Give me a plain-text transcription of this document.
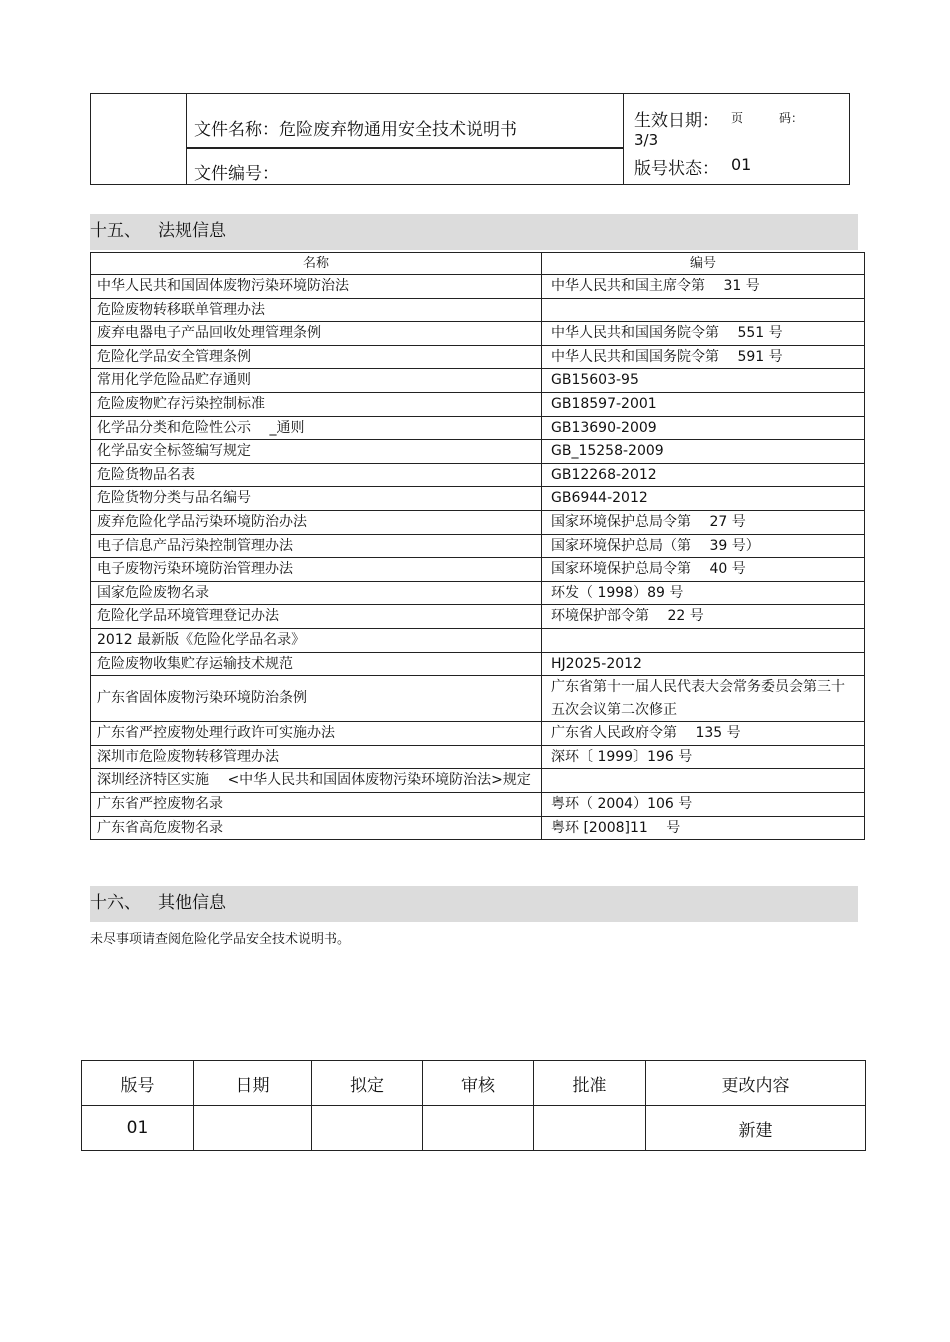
文件名称：危险废弃物通用安全技术说明书
文件编号：
生效日期： 页	码：
3/3
版号状态： 01
十五、 法规信息
名称	编号
中华人民共和国固体废物污染环境防治法	中华人民共和国主席令第 　31 号
危险废物转移联单管理办法	
废弃电器电子产品回收处理管理条例	中华人民共和国国务院令第 　551 号
危险化学品安全管理条例	中华人民共和国国务院令第 　591 号
常用化学危险品贮存通则	GB15603-95
危险废物贮存污染控制标准	GB18597-2001
化学品分类和危险性公示 　_通则	GB13690-2009
化学品安全标签编写规定	GB_15258-2009
危险货物品名表	GB12268-2012
危险货物分类与品名编号	GB6944-2012
废弃危险化学品污染环境防治办法	国家环境保护总局令第 　27 号
电子信息产品污染控制管理办法	国家环境保护总局（第 　39 号）
电子废物污染环境防治管理办法	国家环境保护总局令第 　40 号
国家危险废物名录	环发（ 1998）89 号
危险化学品环境管理登记办法	环境保护部令第 　22 号
2012 最新版《危险化学品名录》	
危险废物收集贮存运输技术规范	HJ2025-2012
广东省固体废物污染环境防治条例	广东省第十一届人民代表大会常务委员会第三十五次会议第二次修正
广东省严控废物处理行政许可实施办法	广东省人民政府令第 　135 号
深圳市危险废物转移管理办法	深环〔 1999〕196 号
深圳经济特区实施 　<中华人民共和国固体废物污染环境防治法>规定	
广东省严控废物名录	粤环（ 2004）106 号
广东省高危废物名录	粤环 [2008]11 　号
十六、 其他信息
未尽事项请查阅危险化学品安全技术说明书。
版号	日期	拟定	审核	批准	更改内容
01					新建
